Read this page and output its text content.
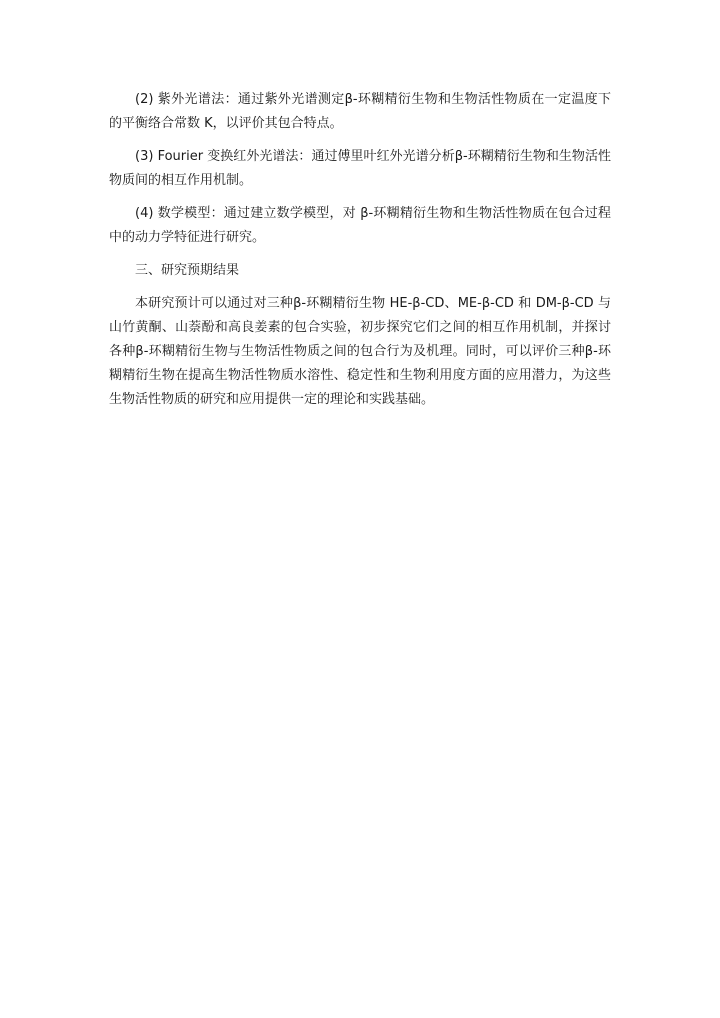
(2) 紫外光谱法：通过紫外光谱测定β-环糊精衍生物和生物活性物质在一定温度下的平衡络合常数 K，以评价其包合特点。

(3) Fourier 变换红外光谱法：通过傅里叶红外光谱分析β-环糊精衍生物和生物活性物质间的相互作用机制。

(4) 数学模型：通过建立数学模型，对 β-环糊精衍生物和生物活性物质在包合过程中的动力学特征进行研究。

三、研究预期结果

本研究预计可以通过对三种β-环糊精衍生物 HE-β-CD、ME-β-CD 和 DM-β-CD 与山竹黄酮、山萘酚和高良姜素的包合实验，初步探究它们之间的相互作用机制，并探讨各种β-环糊精衍生物与生物活性物质之间的包合行为及机理。同时，可以评价三种β-环糊精衍生物在提高生物活性物质水溶性、稳定性和生物利用度方面的应用潜力，为这些生物活性物质的研究和应用提供一定的理论和实践基础。
